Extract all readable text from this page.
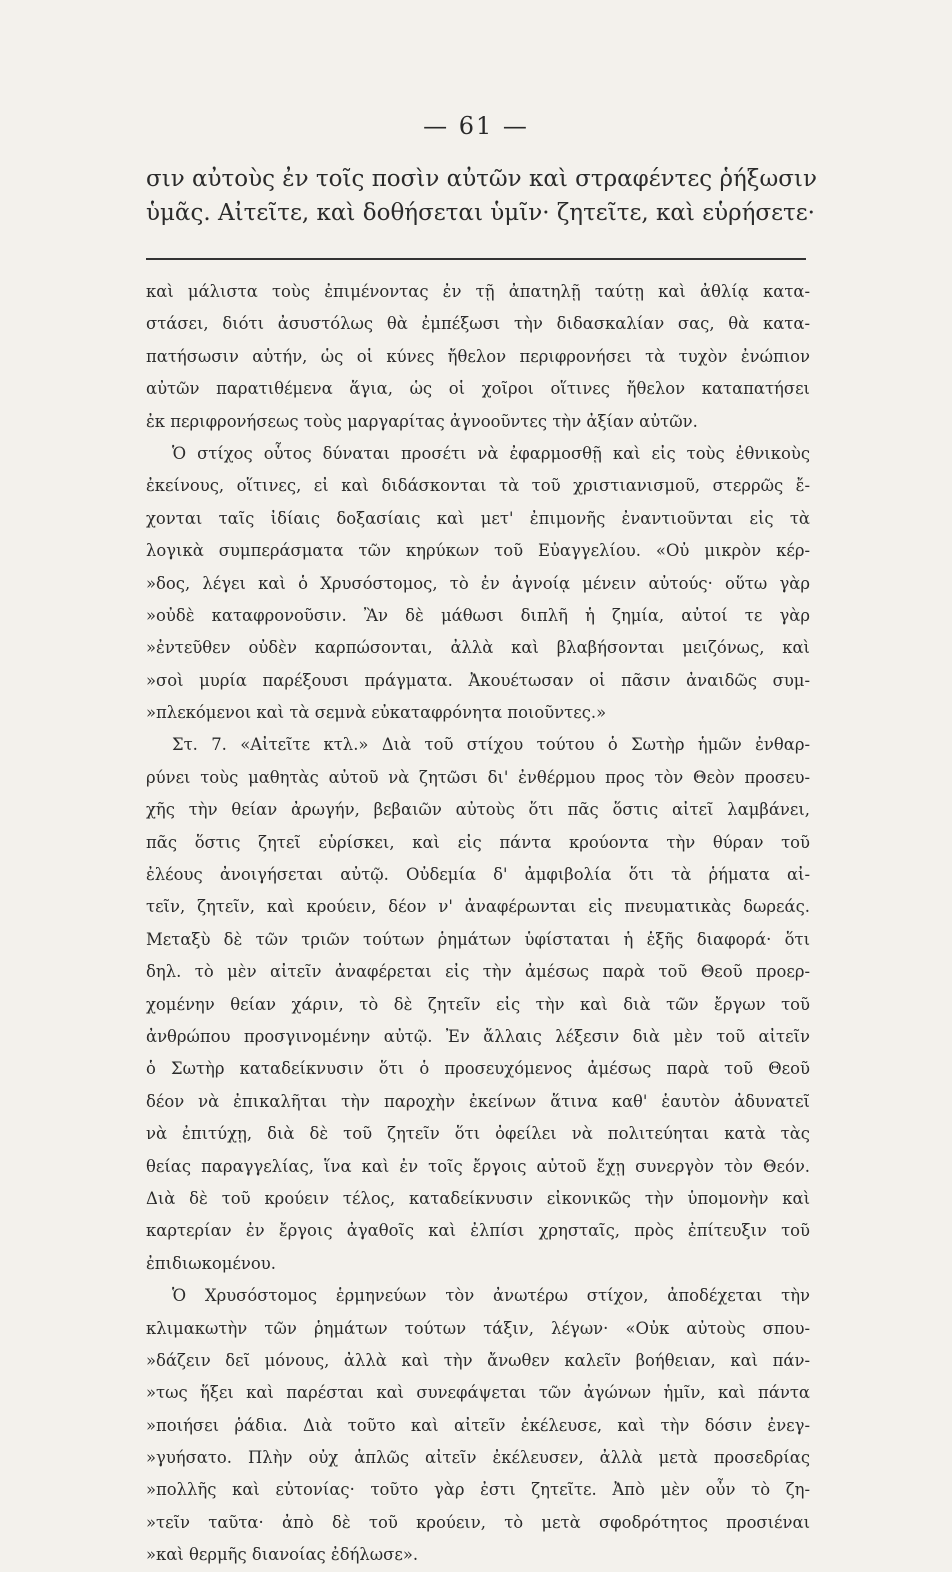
— 61 —
σιν αὐτοὺς ἐν τοῖς ποσὶν αὐτῶν καὶ στραφέντες ῥήξωσιν
ὑμᾶς. Αἰτεῖτε, καὶ δοθήσεται ὑμῖν· ζητεῖτε, καὶ εὑρήσετε·
καὶ μάλιστα τοὺς ἐπιμένοντας ἐν τῇ ἀπατηλῇ ταύτῃ καὶ ἀθλίᾳ κατα-
στάσει, διότι ἀσυστόλως θὰ ἐμπέξωσι τὴν διδασκαλίαν σας, θὰ κατα-
πατήσωσιν αὐτήν, ὡς οἱ κύνες ἤθελον περιφρονήσει τὰ τυχὸν ἐνώπιον
αὐτῶν παρατιθέμενα ἅγια, ὡς οἱ χοῖροι οἵτινες ἤθελον καταπατήσει
ἐκ περιφρονήσεως τοὺς μαργαρίτας ἀγνοοῦντες τὴν ἀξίαν αὐτῶν.
Ὁ στίχος οὗτος δύναται προσέτι νὰ ἐφαρμοσθῇ καὶ εἰς τοὺς ἐθνικοὺς
ἐκείνους, οἵτινες, εἰ καὶ διδάσκονται τὰ τοῦ χριστιανισμοῦ, στερρῶς ἔ-
χονται ταῖς ἰδίαις δοξασίαις καὶ μετ' ἐπιμονῆς ἐναντιοῦνται εἰς τὰ
λογικὰ συμπεράσματα τῶν κηρύκων τοῦ Εὐαγγελίου. «Οὐ μικρὸν κέρ-
»δος, λέγει καὶ ὁ Χρυσόστομος, τὸ ἐν ἀγνοίᾳ μένειν αὐτούς· οὕτω γὰρ
»οὐδὲ καταφρονοῦσιν. Ἂν δὲ μάθωσι διπλῆ ἡ ζημία, αὐτοί τε γὰρ
»ἐντεῦθεν οὐδὲν καρπώσονται, ἀλλὰ καὶ βλαβήσονται μειζόνως, καὶ
»σοὶ μυρία παρέξουσι πράγματα. Ἀκουέτωσαν οἱ πᾶσιν ἀναιδῶς συμ-
»πλεκόμενοι καὶ τὰ σεμνὰ εὐκαταφρόνητα ποιοῦντες.»
Στ. 7. «Αἰτεῖτε κτλ.» Διὰ τοῦ στίχου τούτου ὁ Σωτὴρ ἡμῶν ἐνθαρ-
ρύνει τοὺς μαθητὰς αὐτοῦ νὰ ζητῶσι δι' ἐνθέρμου προς τὸν Θεὸν προσευ-
χῆς τὴν θείαν ἀρωγήν, βεβαιῶν αὐτοὺς ὅτι πᾶς ὅστις αἰτεῖ λαμβάνει,
πᾶς ὅστις ζητεῖ εὑρίσκει, καὶ εἰς πάντα κρούοντα τὴν θύραν τοῦ
ἐλέους ἀνοιγήσεται αὐτῷ. Οὐδεμία δ' ἀμφιβολία ὅτι τὰ ῥήματα αἰ-
τεῖν, ζητεῖν, καὶ κρούειν, δέον ν' ἀναφέρωνται εἰς πνευματικὰς δωρεάς.
Μεταξὺ δὲ τῶν τριῶν τούτων ῥημάτων ὑφίσταται ἡ ἑξῆς διαφορά· ὅτι
δηλ. τὸ μὲν αἰτεῖν ἀναφέρεται εἰς τὴν ἀμέσως παρὰ τοῦ Θεοῦ προερ-
χομένην θείαν χάριν, τὸ δὲ ζητεῖν εἰς τὴν καὶ διὰ τῶν ἔργων τοῦ
ἀνθρώπου προσγινομένην αὐτῷ. Ἐν ἄλλαις λέξεσιν διὰ μὲν τοῦ αἰτεῖν
ὁ Σωτὴρ καταδείκνυσιν ὅτι ὁ προσευχόμενος ἀμέσως παρὰ τοῦ Θεοῦ
δέον νὰ ἐπικαλῆται τὴν παροχὴν ἐκείνων ἅτινα καθ' ἑαυτὸν ἀδυνατεῖ
νὰ ἐπιτύχῃ, διὰ δὲ τοῦ ζητεῖν ὅτι ὀφείλει νὰ πολιτεύηται κατὰ τὰς
θείας παραγγελίας, ἵνα καὶ ἐν τοῖς ἔργοις αὐτοῦ ἔχῃ συνεργὸν τὸν Θεόν.
Διὰ δὲ τοῦ κρούειν τέλος, καταδείκνυσιν εἰκονικῶς τὴν ὑπομονὴν καὶ
καρτερίαν ἐν ἔργοις ἀγαθοῖς καὶ ἐλπίσι χρησταῖς, πρὸς ἐπίτευξιν τοῦ
ἐπιδιωκομένου.
Ὁ Χρυσόστομος ἑρμηνεύων τὸν ἀνωτέρω στίχον, ἀποδέχεται τὴν
κλιμακωτὴν τῶν ῥημάτων τούτων τάξιν, λέγων· «Οὐκ αὐτοὺς σπου-
»δάζειν δεῖ μόνους, ἀλλὰ καὶ τὴν ἄνωθεν καλεῖν βοήθειαν, καὶ πάν-
»τως ἥξει καὶ παρέσται καὶ συνεφάψεται τῶν ἀγώνων ἡμῖν, καὶ πάντα
»ποιήσει ῥάδια. Διὰ τοῦτο καὶ αἰτεῖν ἐκέλευσε, καὶ τὴν δόσιν ἐνεγ-
»γυήσατο. Πλὴν οὐχ ἁπλῶς αἰτεῖν ἐκέλευσεν, ἀλλὰ μετὰ προσεδρίας
»πολλῆς καὶ εὐτονίας· τοῦτο γὰρ ἐστι ζητεῖτε. Ἀπὸ μὲν οὖν τὸ ζη-
»τεῖν ταῦτα· ἀπὸ δὲ τοῦ κρούειν, τὸ μετὰ σφοδρότητος προσιέναι
»καὶ θερμῆς διανοίας ἐδήλωσε».
